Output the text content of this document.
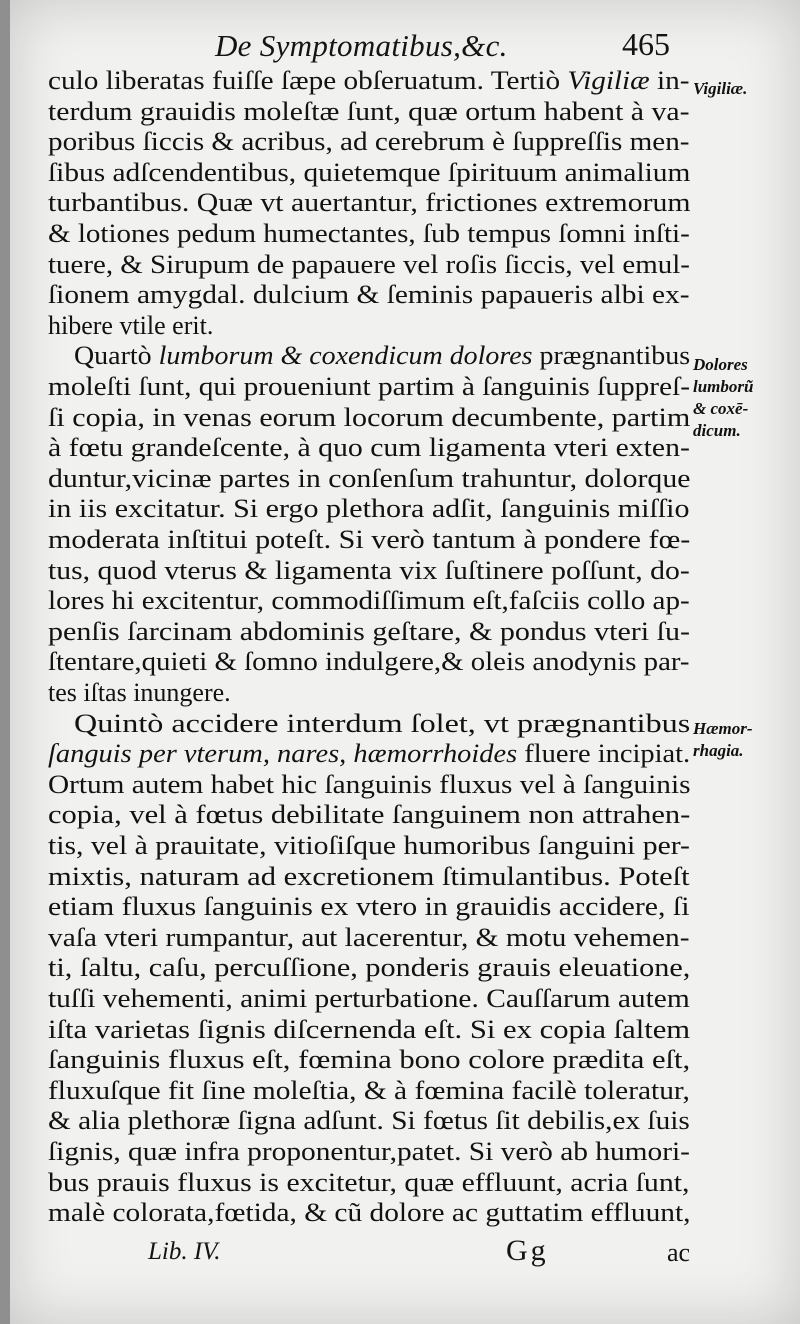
De Symptomatibus,&c.	465
culo liberatas fuiſſe ſæpe obſeruatum. Tertiò Vigiliæ in-
terdum grauidis moleſtæ ſunt, quæ ortum habent à va-
poribus ſiccis & acribus, ad cerebrum è ſuppreſſis men-
ſibus adſcendentibus, quietemque ſpirituum animalium
turbantibus. Quæ vt auertantur, frictiones extremorum
& lotiones pedum humectantes, ſub tempus ſomni inſti-
tuere, & Sirupum de papauere vel roſis ſiccis, vel emul-
ſionem amygdal. dulcium & ſeminis papaueris albi ex-
hibere vtile erit.
Quartò lumborum & coxendicum dolores prægnantibus
moleſti ſunt, qui proueniunt partim à ſanguinis ſuppreſ-
ſi copia, in venas eorum locorum decumbente, partim
à fœtu grandeſcente, à quo cum ligamenta vteri exten-
duntur,vicinæ partes in conſenſum trahuntur, dolorque
in iis excitatur. Si ergo plethora adſit, ſanguinis miſſio
moderata inſtitui poteſt. Si verò tantum à pondere fœ-
tus, quod vterus & ligamenta vix ſuſtinere poſſunt, do-
lores hi excitentur, commodiſſimum eſt,faſciis collo ap-
penſis ſarcinam abdominis geſtare, & pondus vteri ſu-
ſtentare,quieti & ſomno indulgere,& oleis anodynis par-
tes iſtas inungere.
Quintò accidere interdum ſolet, vt prægnantibus
ſanguis per vterum, nares, hæmorrhoides fluere incipiat.
Ortum autem habet hic ſanguinis fluxus vel à ſanguinis
copia, vel à fœtus debilitate ſanguinem non attrahen-
tis, vel à prauitate, vitioſiſque humoribus ſanguini per-
mixtis, naturam ad excretionem ſtimulantibus. Poteſt
etiam fluxus ſanguinis ex vtero in grauidis accidere, ſi
vaſa vteri rumpantur, aut lacerentur, & motu vehemen-
ti, ſaltu, caſu, percuſſione, ponderis grauis eleuatione,
tuſſi vehementi, animi perturbatione. Cauſſarum autem
iſta varietas ſignis diſcernenda eſt. Si ex copia ſaltem
ſanguinis fluxus eſt, fœmina bono colore prædita eſt,
fluxuſque fit ſine moleſtia, & à fœmina facilè toleratur,
& alia plethoræ ſigna adſunt. Si fœtus ſit debilis,ex ſuis
ſignis, quæ infra proponentur,patet. Si verò ab humori-
bus prauis fluxus is excitetur, quæ effluunt, acria ſunt,
malè colorata,fœtida, & cũ dolore ac guttatim effluunt,
Vigiliæ.
Dolores
lumborũ
& coxē-
dicum.
Hæmor-
rhagia.
Lib. IV.	Gg	ac
